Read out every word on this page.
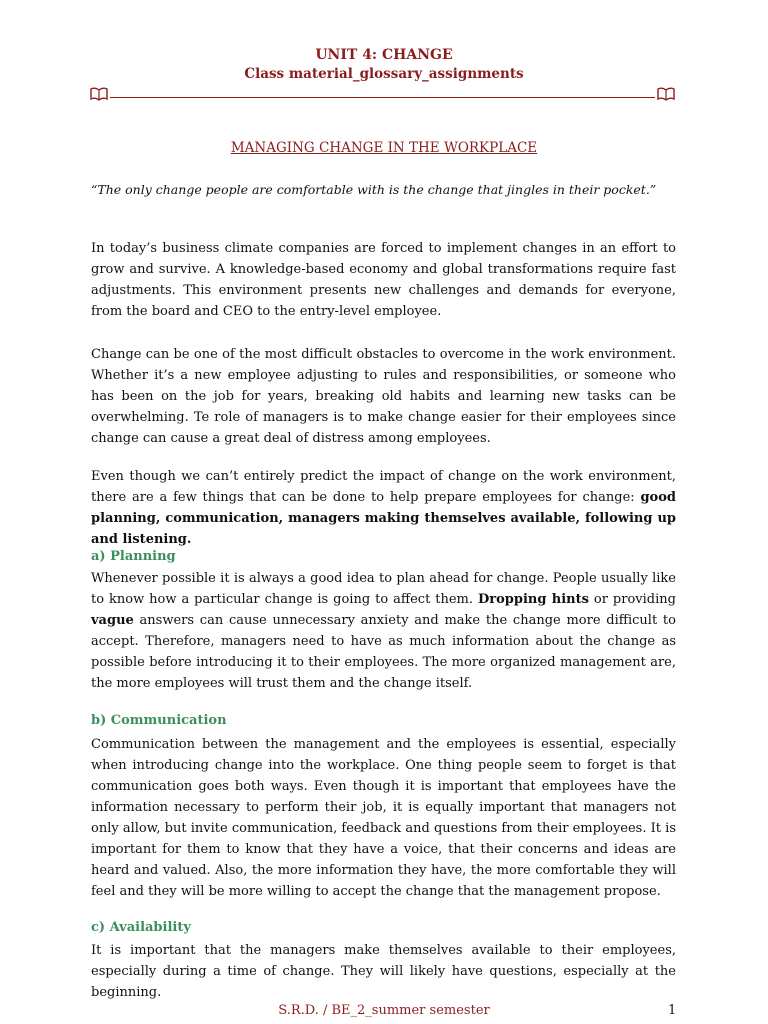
UNIT 4: CHANGE
Class material_glossary_assignments
MANAGING CHANGE IN THE WORKPLACE
“The only change people are comfortable with is the change that jingles in their pocket.”
In today’s business climate companies are forced to implement changes in an effort to grow and survive. A knowledge-based economy and global transformations require fast adjustments. This environment presents new challenges and demands for everyone, from the board and CEO to the entry-level employee.
Change can be one of the most difficult obstacles to overcome in the work environment. Whether it’s a new employee adjusting to rules and responsibilities, or someone who has been on the job for years, breaking old habits and learning new tasks can be overwhelming. Te role of managers is to make change easier for their employees since change can cause a great deal of distress among employees.
Even though we can’t entirely predict the impact of change on the work environment, there are a few things that can be done to help prepare employees for change: good planning, communication, managers making themselves available, following up and listening.
a) Planning
Whenever possible it is always a good idea to plan ahead for change. People usually like to know how a particular change is going to affect them. Dropping hints or providing vague answers can cause unnecessary anxiety and make the change more difficult to accept. Therefore, managers need to have as much information about the change as possible before introducing it to their employees. The more organized management are, the more employees will trust them and the change itself.
b) Communication
Communication between the management and the employees is essential, especially when introducing change into the workplace. One thing people seem to forget is that communication goes both ways. Even though it is important that employees have the information necessary to perform their job, it is equally important that managers not only allow, but invite communication, feedback and questions from their employees. It is important for them to know that they have a voice, that their concerns and ideas are heard and valued. Also, the more information they have, the more comfortable they will feel and they will be more willing to accept the change that the management propose.
c) Availability
It is important that the managers make themselves available to their employees, especially during a time of change. They will likely have questions, especially at the beginning.
S.R.D. / BE_2_summer semester	1
